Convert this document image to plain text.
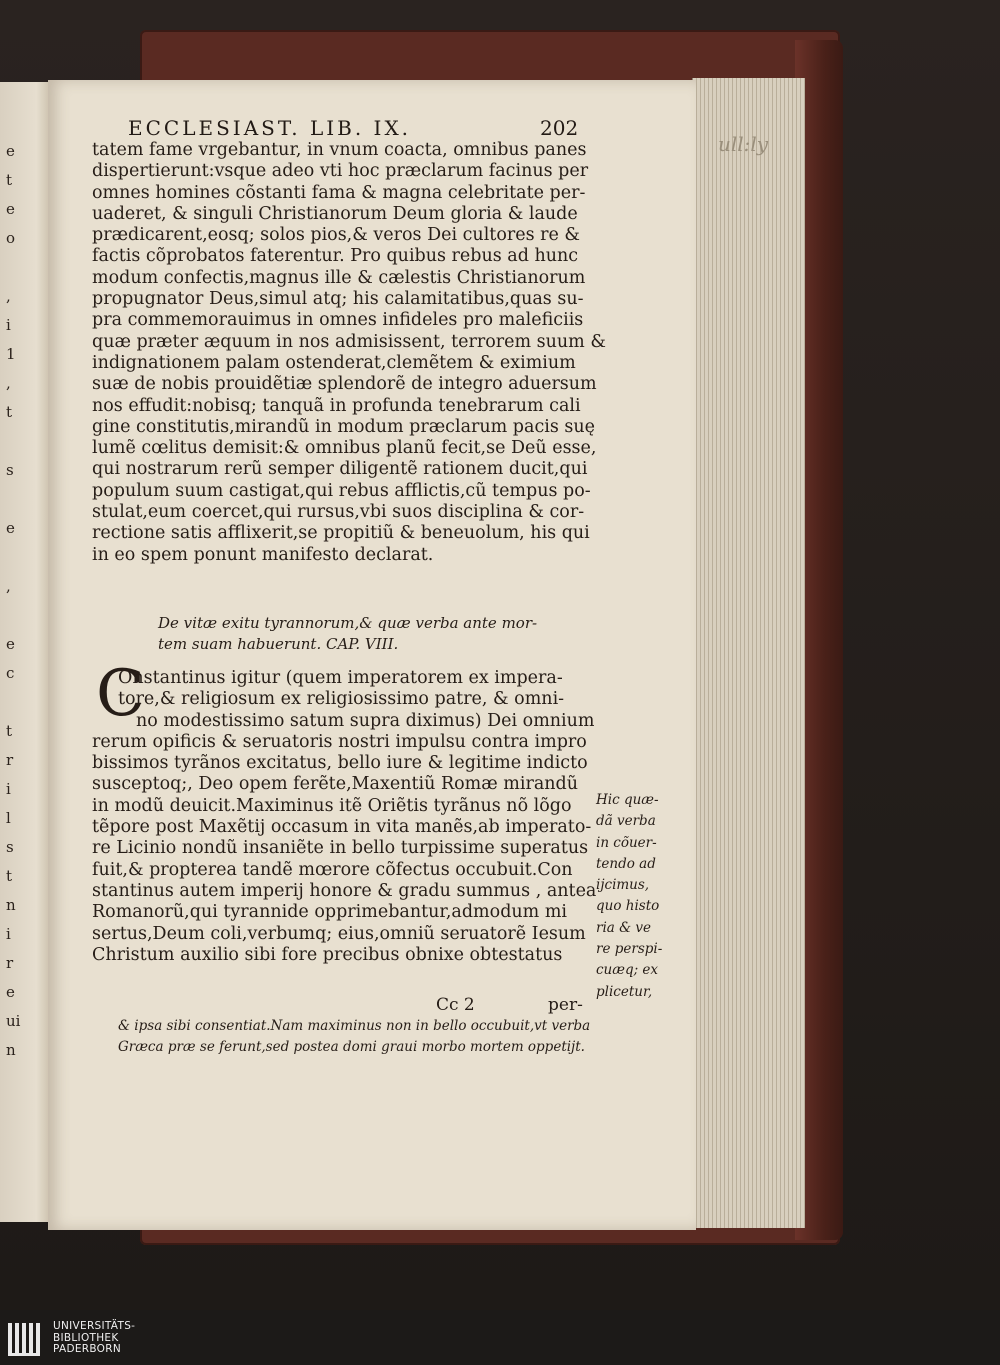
ull:ly
e
t
e
o
,
i
1
,
t
s
e
,
e
c
t
r
i
l
s
t
n
i
r
e
ui
n
ECCLESIAST. LIB. IX.	202
tatem fame vrgebantur, in vnum coacta, omnibus panes
dispertierunt:vsque adeo vti hoc præclarum facinus per
omnes homines cõstanti fama & magna celebritate per-
uaderet, & singuli Christianorum Deum gloria & laude
prædicarent,eosq; solos pios,& veros Dei cultores re &
factis cõprobatos faterentur. Pro quibus rebus ad hunc
modum confectis,magnus ille & cælestis Christianorum
propugnator Deus,simul atq; his calamitatibus,quas su-
pra commemorauimus in omnes infideles pro maleficiis
quæ præter æquum in nos admisissent, terrorem suum &
indignationem palam ostenderat,clemẽtem & eximium
suæ de nobis prouidẽtiæ splendorẽ de integro aduersum
nos effudit:nobisq; tanquã in profunda tenebrarum cali
gine constitutis,mirandũ in modum præclarum pacis suę
lumẽ cœlitus demisit:& omnibus planũ fecit,se Deũ esse,
qui nostrarum rerũ semper diligentẽ rationem ducit,qui
populum suum castigat,qui rebus afflictis,cũ tempus po-
stulat,eum coercet,qui rursus,vbi suos disciplina & cor-
rectione satis afflixerit,se propitiũ & beneuolum, his qui
in eo spem ponunt manifesto declarat.
De vitæ exitu tyrannorum,& quæ verba ante mor-
tem suam habuerunt. CAP. VIII.
C
Onstantinus igitur (quem imperatorem ex impera-
tore,& religiosum ex religiosissimo patre, & omni-
no modestissimo satum supra diximus) Dei omnium
rerum opificis & seruatoris nostri impulsu contra impro
bissimos tyrãnos excitatus, bello iure & legitime indicto
susceptoq;, Deo opem ferẽte,Maxentiũ Romæ mirandũ
in modũ deuicit.Maximinus itẽ Oriẽtis tyrãnus nõ lõgo
tẽpore post Maxẽtij occasum in vita manẽs,ab imperato-
re Licinio nondũ insaniẽte in bello turpissime superatus
fuit,& propterea tandẽ mœrore cõfectus occubuit.Con
stantinus autem imperij honore & gradu summus , antea
Romanorũ,qui tyrannide opprimebantur,admodum mi
sertus,Deum coli,verbumq; eius,omniũ seruatorẽ Iesum
Christum auxilio sibi fore precibus obnixe obtestatus
Hic quæ-
dã verba
in cõuer-
tendo ad
ijcimus,
quo histo
ria & ve
re perspi-
cuæq; ex
plicetur,
Cc 2	per-
& ipsa sibi consentiat.Nam maximinus non in bello occubuit,vt verba
Græca præ se ferunt,sed postea domi graui morbo mortem oppetijt.
UNIVERSITÄTS-
BIBLIOTHEK
PADERBORN
